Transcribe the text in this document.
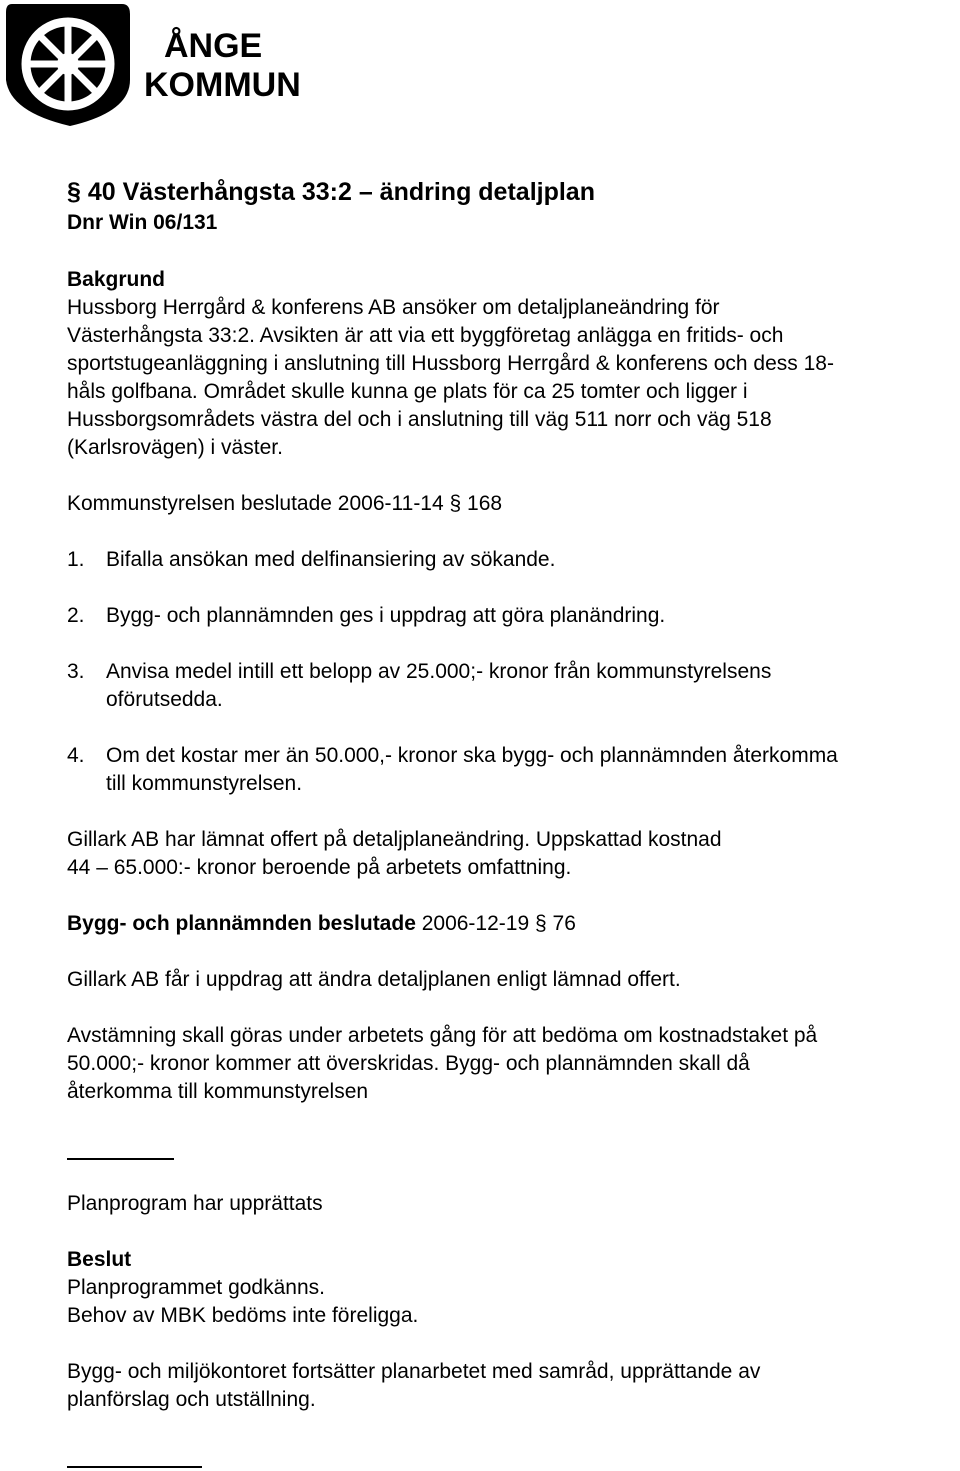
ÅNGE
KOMMUN
§ 40 Västerhångsta 33:2 – ändring detaljplan
Dnr Win 06/131
Bakgrund
Hussborg Herrgård & konferens AB ansöker om detaljplaneändring för
Västerhångsta 33:2. Avsikten är att via ett byggföretag anlägga en fritids- och
sportstugeanläggning i anslutning till Hussborg Herrgård & konferens och dess 18-
håls golfbana. Området skulle kunna ge plats för ca 25 tomter och ligger i
Hussborgsområdets västra del och i anslutning till väg 511 norr och väg 518
(Karlsrovägen) i väster.
Kommunstyrelsen beslutade 2006-11-14 § 168
1. Bifalla ansökan med delfinansiering av sökande.
2. Bygg- och plannämnden ges i uppdrag att göra planändring.
3. Anvisa medel intill ett belopp av 25.000;- kronor från kommunstyrelsens
oförutsedda.
4. Om det kostar mer än 50.000,- kronor ska bygg- och plannämnden återkomma
till kommunstyrelsen.
Gillark AB har lämnat offert på detaljplaneändring. Uppskattad kostnad
44 – 65.000:- kronor beroende på arbetets omfattning.
Bygg- och plannämnden beslutade 2006-12-19 § 76
Gillark AB får i uppdrag att ändra detaljplanen enligt lämnad offert.
Avstämning skall göras under arbetets gång för att bedöma om kostnadstaket på
50.000;- kronor kommer att överskridas. Bygg- och plannämnden skall då
återkomma till kommunstyrelsen
Planprogram har upprättats
Beslut
Planprogrammet godkänns.
Behov av MBK bedöms inte föreligga.
Bygg- och miljökontoret fortsätter planarbetet med samråd, upprättande av
planförslag och utställning.
